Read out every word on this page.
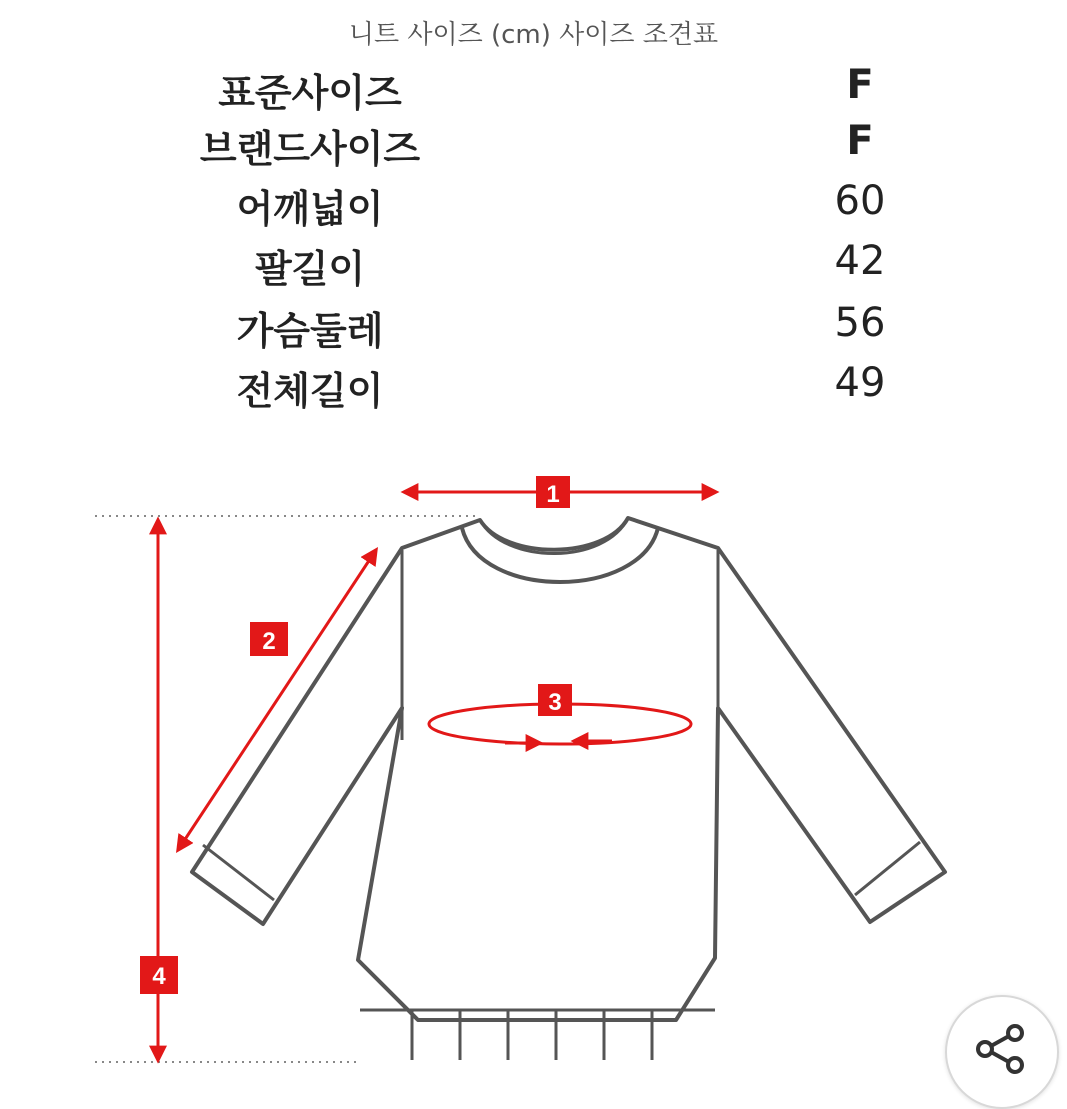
니트 사이즈 (cm) 사이즈 조견표
표준사이즈	F
브랜드사이즈	F
어깨넓이	60
팔길이	42
가슴둘레	56
전체길이	49
1
2
3
4
